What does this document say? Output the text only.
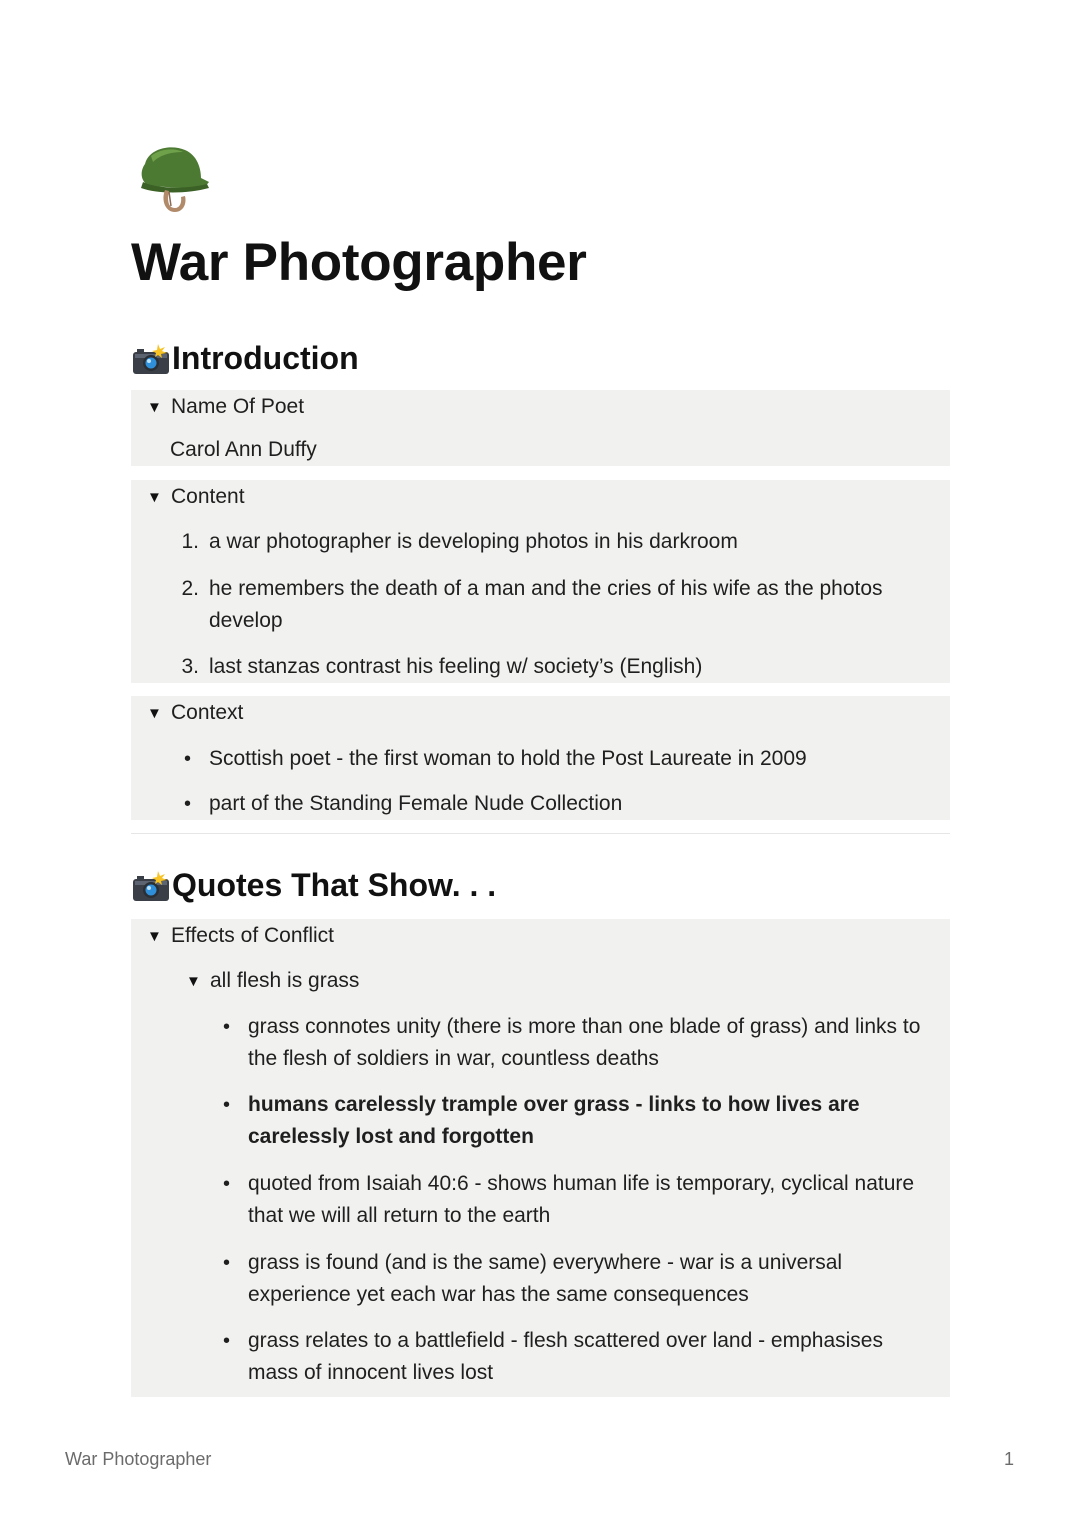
War Photographer
Introduction
▼ Name Of Poet
Carol Ann Duffy
▼ Content
1. a war photographer is developing photos in his darkroom
2. he remembers the death of a man and the cries of his wife as the photos
develop
3. last stanzas contrast his feeling w/ society’s (English)
▼ Context
• Scottish poet - the first woman to hold the Post Laureate in 2009
• part of the Standing Female Nude Collection
Quotes That Show. . .
▼ Effects of Conflict
▼ all flesh is grass
• grass connotes unity (there is more than one blade of grass) and links to
the flesh of soldiers in war, countless deaths
• humans carelessly trample over grass - links to how lives are
carelessly lost and forgotten
• quoted from Isaiah 40:6 - shows human life is temporary, cyclical nature
that we will all return to the earth
• grass is found (and is the same) everywhere - war is a universal
experience yet each war has the same consequences
• grass relates to a battlefield - flesh scattered over land - emphasises
mass of innocent lives lost
War Photographer	1
